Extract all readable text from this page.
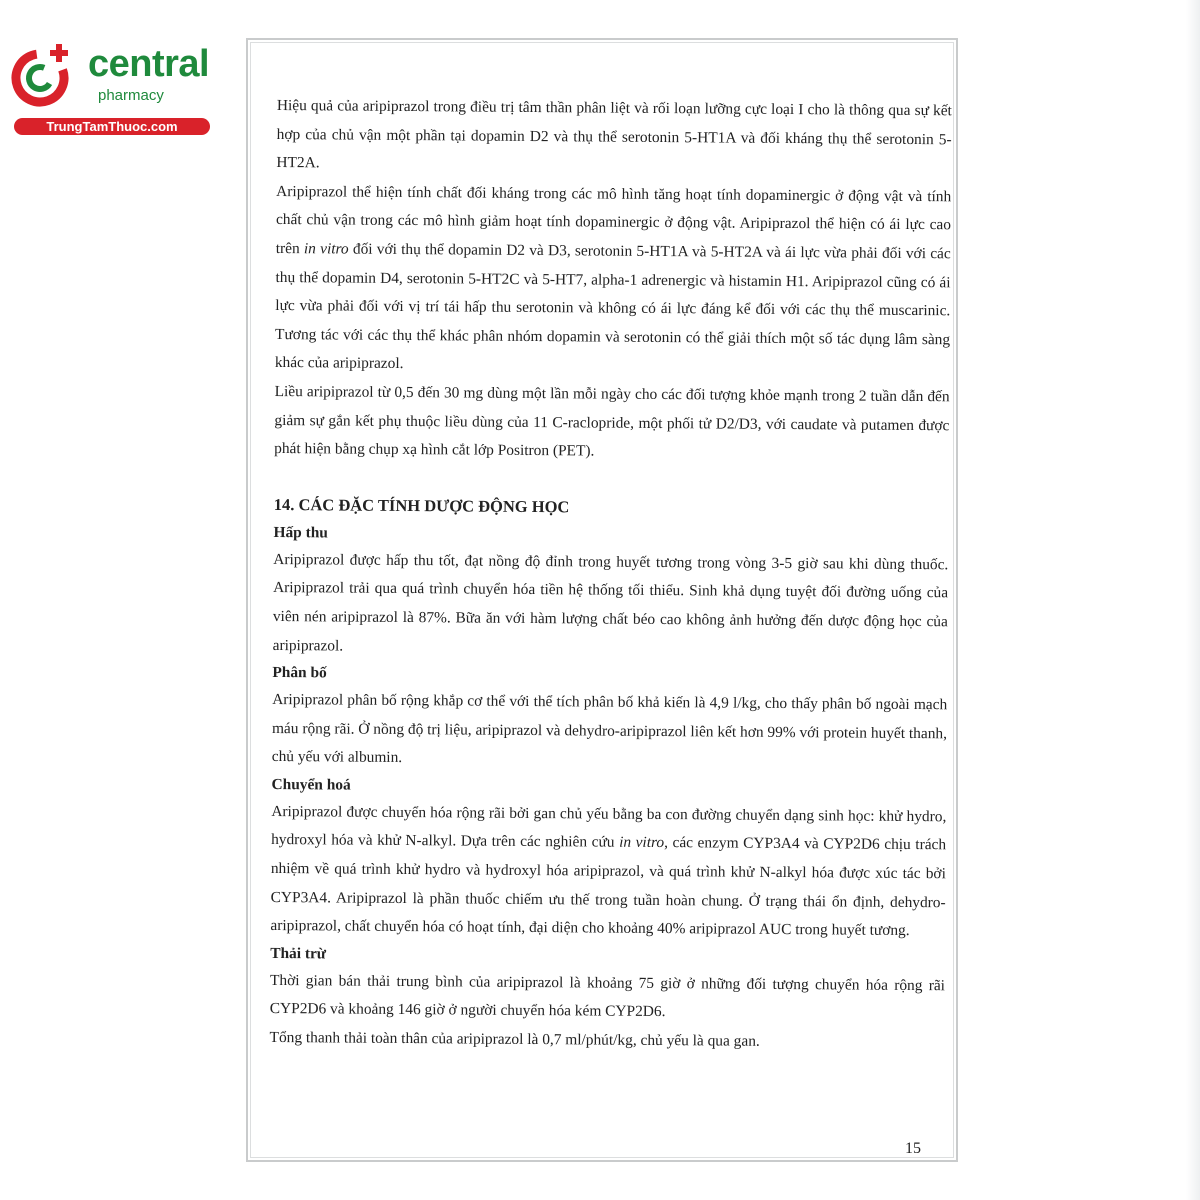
central
pharmacy
TrungTamThuoc.com

Hiệu quả của aripiprazol trong điều trị tâm thần phân liệt và rối loạn lưỡng cực loại I cho là thông qua sự kết hợp của chủ vận một phần tại dopamin D2 và thụ thể serotonin 5-HT1A và đối kháng thụ thể serotonin 5-HT2A.

Aripiprazol thể hiện tính chất đối kháng trong các mô hình tăng hoạt tính dopaminergic ở động vật và tính chất chủ vận trong các mô hình giảm hoạt tính dopaminergic ở động vật. Aripiprazol thể hiện có ái lực cao trên in vitro đối với thụ thể dopamin D2 và D3, serotonin 5-HT1A và 5-HT2A và ái lực vừa phải đối với các thụ thể dopamin D4, serotonin 5-HT2C và 5-HT7, alpha-1 adrenergic và histamin H1. Aripiprazol cũng có ái lực vừa phải đối với vị trí tái hấp thu serotonin và không có ái lực đáng kể đối với các thụ thể muscarinic. Tương tác với các thụ thể khác phân nhóm dopamin và serotonin có thể giải thích một số tác dụng lâm sàng khác của aripiprazol.

Liều aripiprazol từ 0,5 đến 30 mg dùng một lần mỗi ngày cho các đối tượng khỏe mạnh trong 2 tuần dẫn đến giảm sự gắn kết phụ thuộc liều dùng của 11 C-raclopride, một phối tử D2/D3, với caudate và putamen được phát hiện bằng chụp xạ hình cắt lớp Positron (PET).

14. CÁC ĐẶC TÍNH DƯỢC ĐỘNG HỌC
Hấp thu

Aripiprazol được hấp thu tốt, đạt nồng độ đỉnh trong huyết tương trong vòng 3-5 giờ sau khi dùng thuốc. Aripiprazol trải qua quá trình chuyển hóa tiền hệ thống tối thiểu. Sinh khả dụng tuyệt đối đường uống của viên nén aripiprazol là 87%. Bữa ăn với hàm lượng chất béo cao không ảnh hưởng đến dược động học của aripiprazol.

Phân bố

Aripiprazol phân bố rộng khắp cơ thể với thể tích phân bố khả kiến là 4,9 l/kg, cho thấy phân bố ngoài mạch máu rộng rãi. Ở nồng độ trị liệu, aripiprazol và dehydro-aripiprazol liên kết hơn 99% với protein huyết thanh, chủ yếu với albumin.

Chuyển hoá

Aripiprazol được chuyển hóa rộng rãi bởi gan chủ yếu bằng ba con đường chuyển dạng sinh học: khử hydro, hydroxyl hóa và khử N-alkyl. Dựa trên các nghiên cứu in vitro, các enzym CYP3A4 và CYP2D6 chịu trách nhiệm về quá trình khử hydro và hydroxyl hóa aripiprazol, và quá trình khử N-alkyl hóa được xúc tác bởi CYP3A4. Aripiprazol là phần thuốc chiếm ưu thế trong tuần hoàn chung. Ở trạng thái ổn định, dehydro-aripiprazol, chất chuyển hóa có hoạt tính, đại diện cho khoảng 40% aripiprazol AUC trong huyết tương.

Thải trừ

Thời gian bán thải trung bình của aripiprazol là khoảng 75 giờ ở những đối tượng chuyển hóa rộng rãi CYP2D6 và khoảng 146 giờ ở người chuyển hóa kém CYP2D6.

Tổng thanh thải toàn thân của aripiprazol là 0,7 ml/phút/kg, chủ yếu là qua gan.

15
